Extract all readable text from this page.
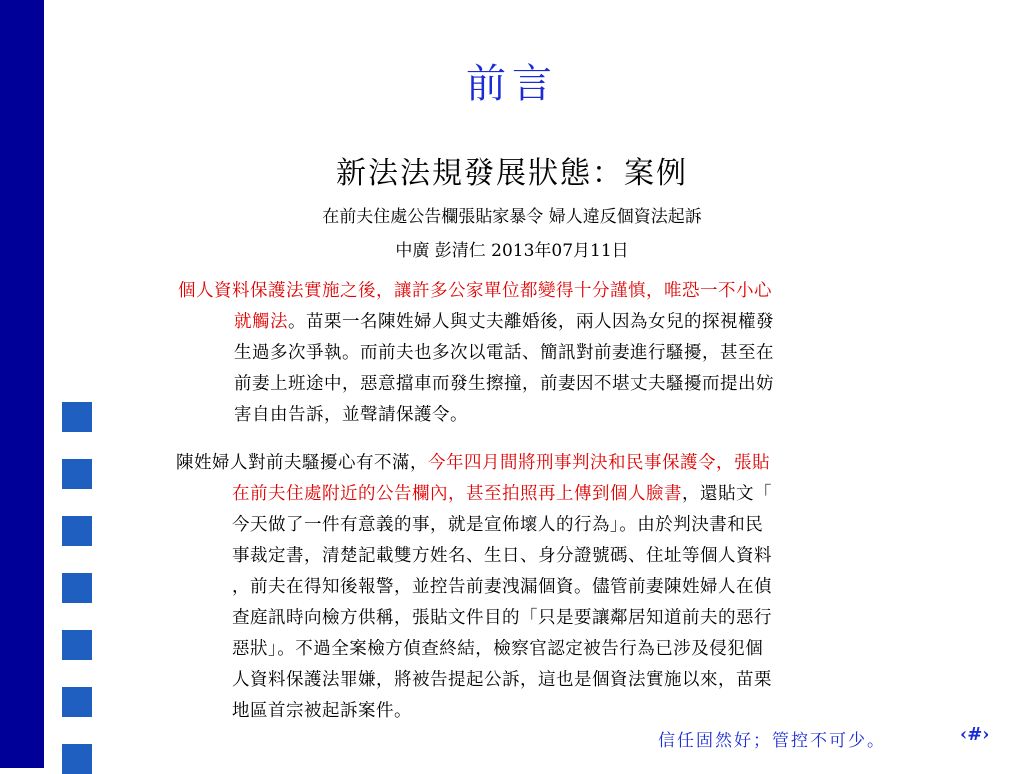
前言
新法法規發展狀態：案例
在前夫住處公告欄張貼家暴令 婦人違反個資法起訴
中廣 彭清仁 2013年07月11日
個人資料保護法實施之後，讓許多公家單位都變得十分謹慎，唯恐一不小心
就觸法。苗栗一名陳姓婦人與丈夫離婚後，兩人因為女兒的探視權發
生過多次爭執。而前夫也多次以電話、簡訊對前妻進行騷擾，甚至在
前妻上班途中，惡意擋車而發生擦撞，前妻因不堪丈夫騷擾而提出妨
害自由告訴，並聲請保護令。
陳姓婦人對前夫騷擾心有不滿，今年四月間將刑事判決和民事保護令，張貼
在前夫住處附近的公告欄內，甚至拍照再上傳到個人臉書，還貼文「
今天做了一件有意義的事，就是宣佈壞人的行為」。由於判決書和民
事裁定書，清楚記載雙方姓名、生日、身分證號碼、住址等個人資料
，前夫在得知後報警，並控告前妻洩漏個資。儘管前妻陳姓婦人在偵
查庭訊時向檢方供稱，張貼文件目的「只是要讓鄰居知道前夫的惡行
惡狀」。不過全案檢方偵查終結，檢察官認定被告行為已涉及侵犯個
人資料保護法罪嫌，將被告提起公訴，這也是個資法實施以來，苗栗
地區首宗被起訴案件。
信任固然好；管控不可少。	‹#›
